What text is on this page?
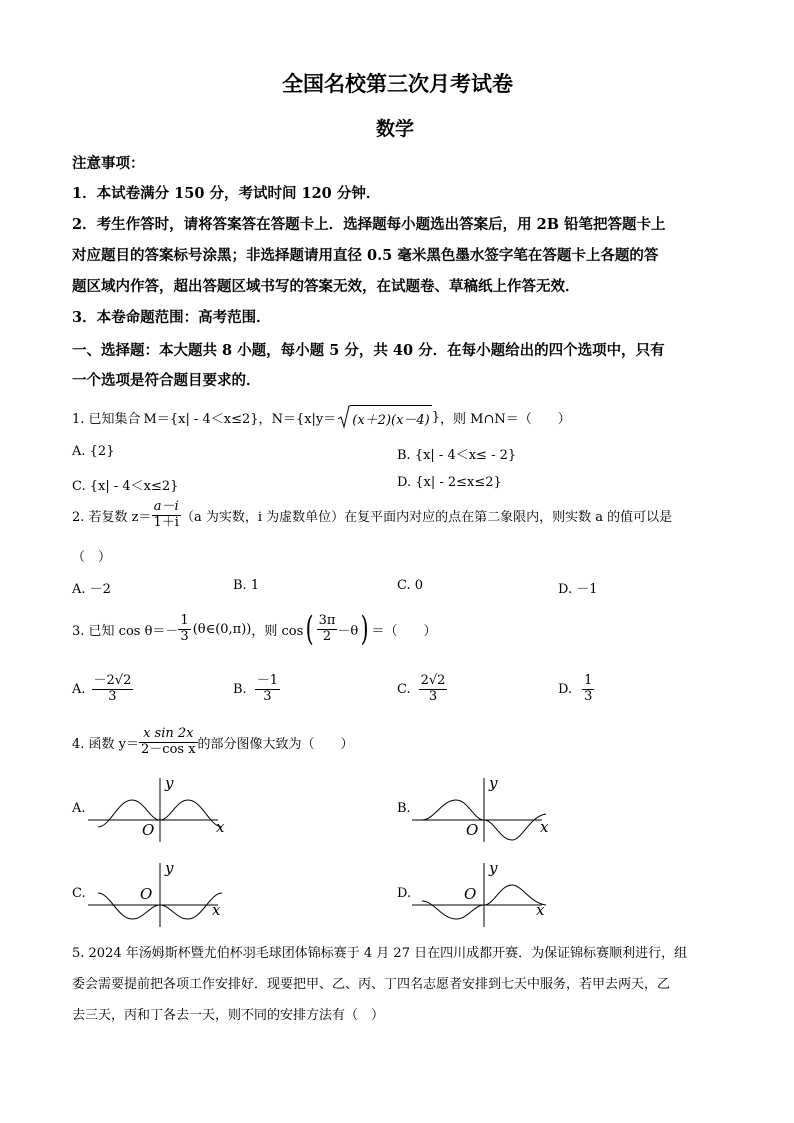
全国名校第三次月考试卷
数学
注意事项：
1．本试卷满分 150 分，考试时间 120 分钟．
2．考生作答时，请将答案答在答题卡上．选择题每小题选出答案后，用 2B 铅笔把答题卡上
对应题目的答案标号涂黑；非选择题请用直径 0.5 毫米黑色墨水签字笔在答题卡上各题的答
题区域内作答，超出答题区域书写的答案无效，在试题卷、草稿纸上作答无效．
3．本卷命题范围：高考范围．
一、选择题：本大题共 8 小题，每小题 5 分，共 40 分．在每小题给出的四个选项中，只有
一个选项是符合题目要求的．
1. 已知集合 M＝{x| - 4＜x≤2} ， N＝{x|y＝ (x＋2)(x－4) } ，则 M∩N＝（　　）
A. {2}	B. {x| - 4＜x≤ - 2}
C. {x| - 4＜x≤2}	D. {x| - 2≤x≤2}
2. 若复数 $z= \frac{a-i}{1+i} (a$ 为实数，i 为虚数单位）在复平面内对应的点在第二象限内，则实数 a 的值可以是
（　）
A. －2	B. 1	C. 0	D. －1
3. 已知 $\cos \theta=- \frac{1}{3}$ (θ∈(0,π)) ，则 cos ( $\frac{3\pi}{2} -\theta$ ) ＝（　　）
A. $\frac{-2√2}{3}$	B. $\frac{-1}{3}$	C. $\frac{2√2}{3}$	D. $\frac{1}{3}$
4. 函数 $y= \frac{\text{x sin 2x}}{\text{2－cos x}}$ 的部分图像大致为（　　）
A.	B.
C.	D.
y
x
O
y
x
O
y
x
O
y
x
O
5. 2024 年汤姆斯杯暨尤伯杯羽毛球团体锦标赛于 4 月 27 日在四川成都开赛．为保证锦标赛顺利进行，组
委会需要提前把各项工作安排好．现要把甲、乙、丙、丁四名志愿者安排到七天中服务，若甲去两天，乙
去三天，丙和丁各去一天，则不同的安排方法有（　）
